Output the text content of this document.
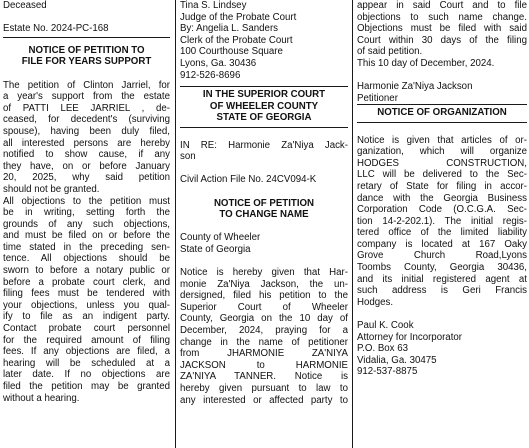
Deceased

Estate No. 2024-PC-168

NOTICE OF PETITION TO

FILE FOR YEARS SUPPORT

The petition of Clinton Jarriel, for

a year's support from the estate

of PATTI LEE JARRIEL , de-

ceased, for decedent's (surviving

spouse), having been duly filed,

all interested persons are hereby

notified to show cause, if any

they have, on or before January

20, 2025, why said petition

should not be granted.

All objections to the petition must

be in writing, setting forth the

grounds of any such objections,

and must be filed on or before the

time stated in the preceding sen-

tence. All objections should be

sworn to before a notary public or

before a probate court clerk, and

filing fees must be tendered with

your objections, unless you qual-

ify to file as an indigent party.

Contact probate court personnel

for the required amount of filing

fees. If any objections are filed, a

hearing will be scheduled at a

later date. If no objections are

filed the petition may be granted

without a hearing.

Tina S. Lindsey

Judge of the Probate Court

By: Angelia L. Sanders

Clerk of the Probate Court

100 Courthouse Square

Lyons, Ga. 30436

912-526-8696

IN THE SUPERIOR COURT

OF WHEELER COUNTY

STATE OF GEORGIA

IN RE: Harmonie Za'Niya Jack-

son

Civil Action File No. 24CV094-K

NOTICE OF PETITION

TO CHANGE NAME

County of Wheeler

State of Georgia

Notice is hereby given that Har-

monie Za'Niya Jackson, the un-

dersigned, filed his petition to the

Superior Court of Wheeler

County, Georgia on the 10 day of

December, 2024, praying for a

change in the name of petitioner

from JHARMONIE ZA'NIYA

JACKSON to HARMONIE

ZA'NIYA TANNER. Notice is

hereby given pursuant to law to

any interested or affected party to

appear in said Court and to file

objections to such name change.

Objections must be filed with said

Court within 30 days of the filing

of said petition.

This 10 day of December, 2024.

Harmonie Za'Niya Jackson

Petitioner

NOTICE OF ORGANIZATION

Notice is given that articles of or-

ganization, which will organize

HODGES CONSTRUCTION,

LLC will be delivered to the Sec-

retary of State for filing in accor-

dance with the Georgia Business

Corporation Code (O.C.G.A. Sec-

tion 14-2-202.1). The initial regis-

tered office of the limited liability

company is located at 167 Oaky

Grove Church Road,Lyons

Toombs County, Georgia 30436,

and its initial registered agent at

such address is Geri Francis

Hodges.

Paul K. Cook

Attorney for Incorporator

P.O. Box 63

Vidalia, Ga. 30475

912-537-8875
